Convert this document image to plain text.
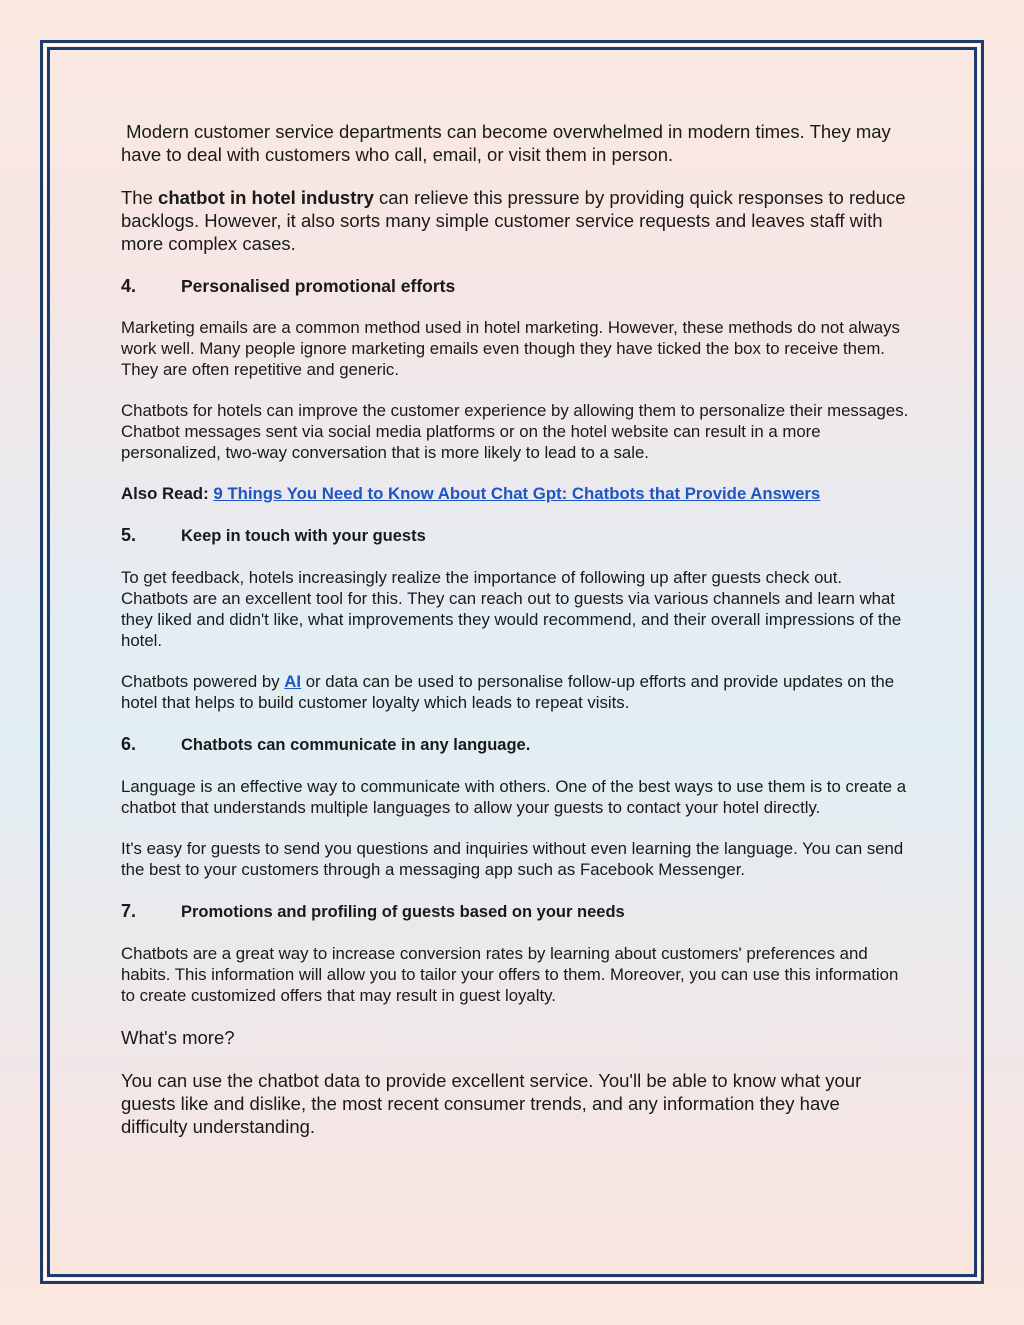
Modern customer service departments can become overwhelmed in modern times. They may have to deal with customers who call, email, or visit them in person.

The chatbot in hotel industry can relieve this pressure by providing quick responses to reduce backlogs. However, it also sorts many simple customer service requests and leaves staff with more complex cases.

4.	Personalised promotional efforts

Marketing emails are a common method used in hotel marketing. However, these methods do not always work well. Many people ignore marketing emails even though they have ticked the box to receive them. They are often repetitive and generic.

Chatbots for hotels can improve the customer experience by allowing them to personalize their messages. Chatbot messages sent via social media platforms or on the hotel website can result in a more personalized, two-way conversation that is more likely to lead to a sale.

Also Read: 9 Things You Need to Know About Chat Gpt: Chatbots that Provide Answers

5.	Keep in touch with your guests

To get feedback, hotels increasingly realize the importance of following up after guests check out. Chatbots are an excellent tool for this. They can reach out to guests via various channels and learn what they liked and didn't like, what improvements they would recommend, and their overall impressions of the hotel.

Chatbots powered by AI or data can be used to personalise follow-up efforts and provide updates on the hotel that helps to build customer loyalty which leads to repeat visits.

6.	Chatbots can communicate in any language.

Language is an effective way to communicate with others. One of the best ways to use them is to create a chatbot that understands multiple languages to allow your guests to contact your hotel directly.

It's easy for guests to send you questions and inquiries without even learning the language. You can send the best to your customers through a messaging app such as Facebook Messenger.

7.	Promotions and profiling of guests based on your needs

Chatbots are a great way to increase conversion rates by learning about customers' preferences and habits. This information will allow you to tailor your offers to them. Moreover, you can use this information to create customized offers that may result in guest loyalty.

What's more?

You can use the chatbot data to provide excellent service. You'll be able to know what your guests like and dislike, the most recent consumer trends, and any information they have difficulty understanding.
